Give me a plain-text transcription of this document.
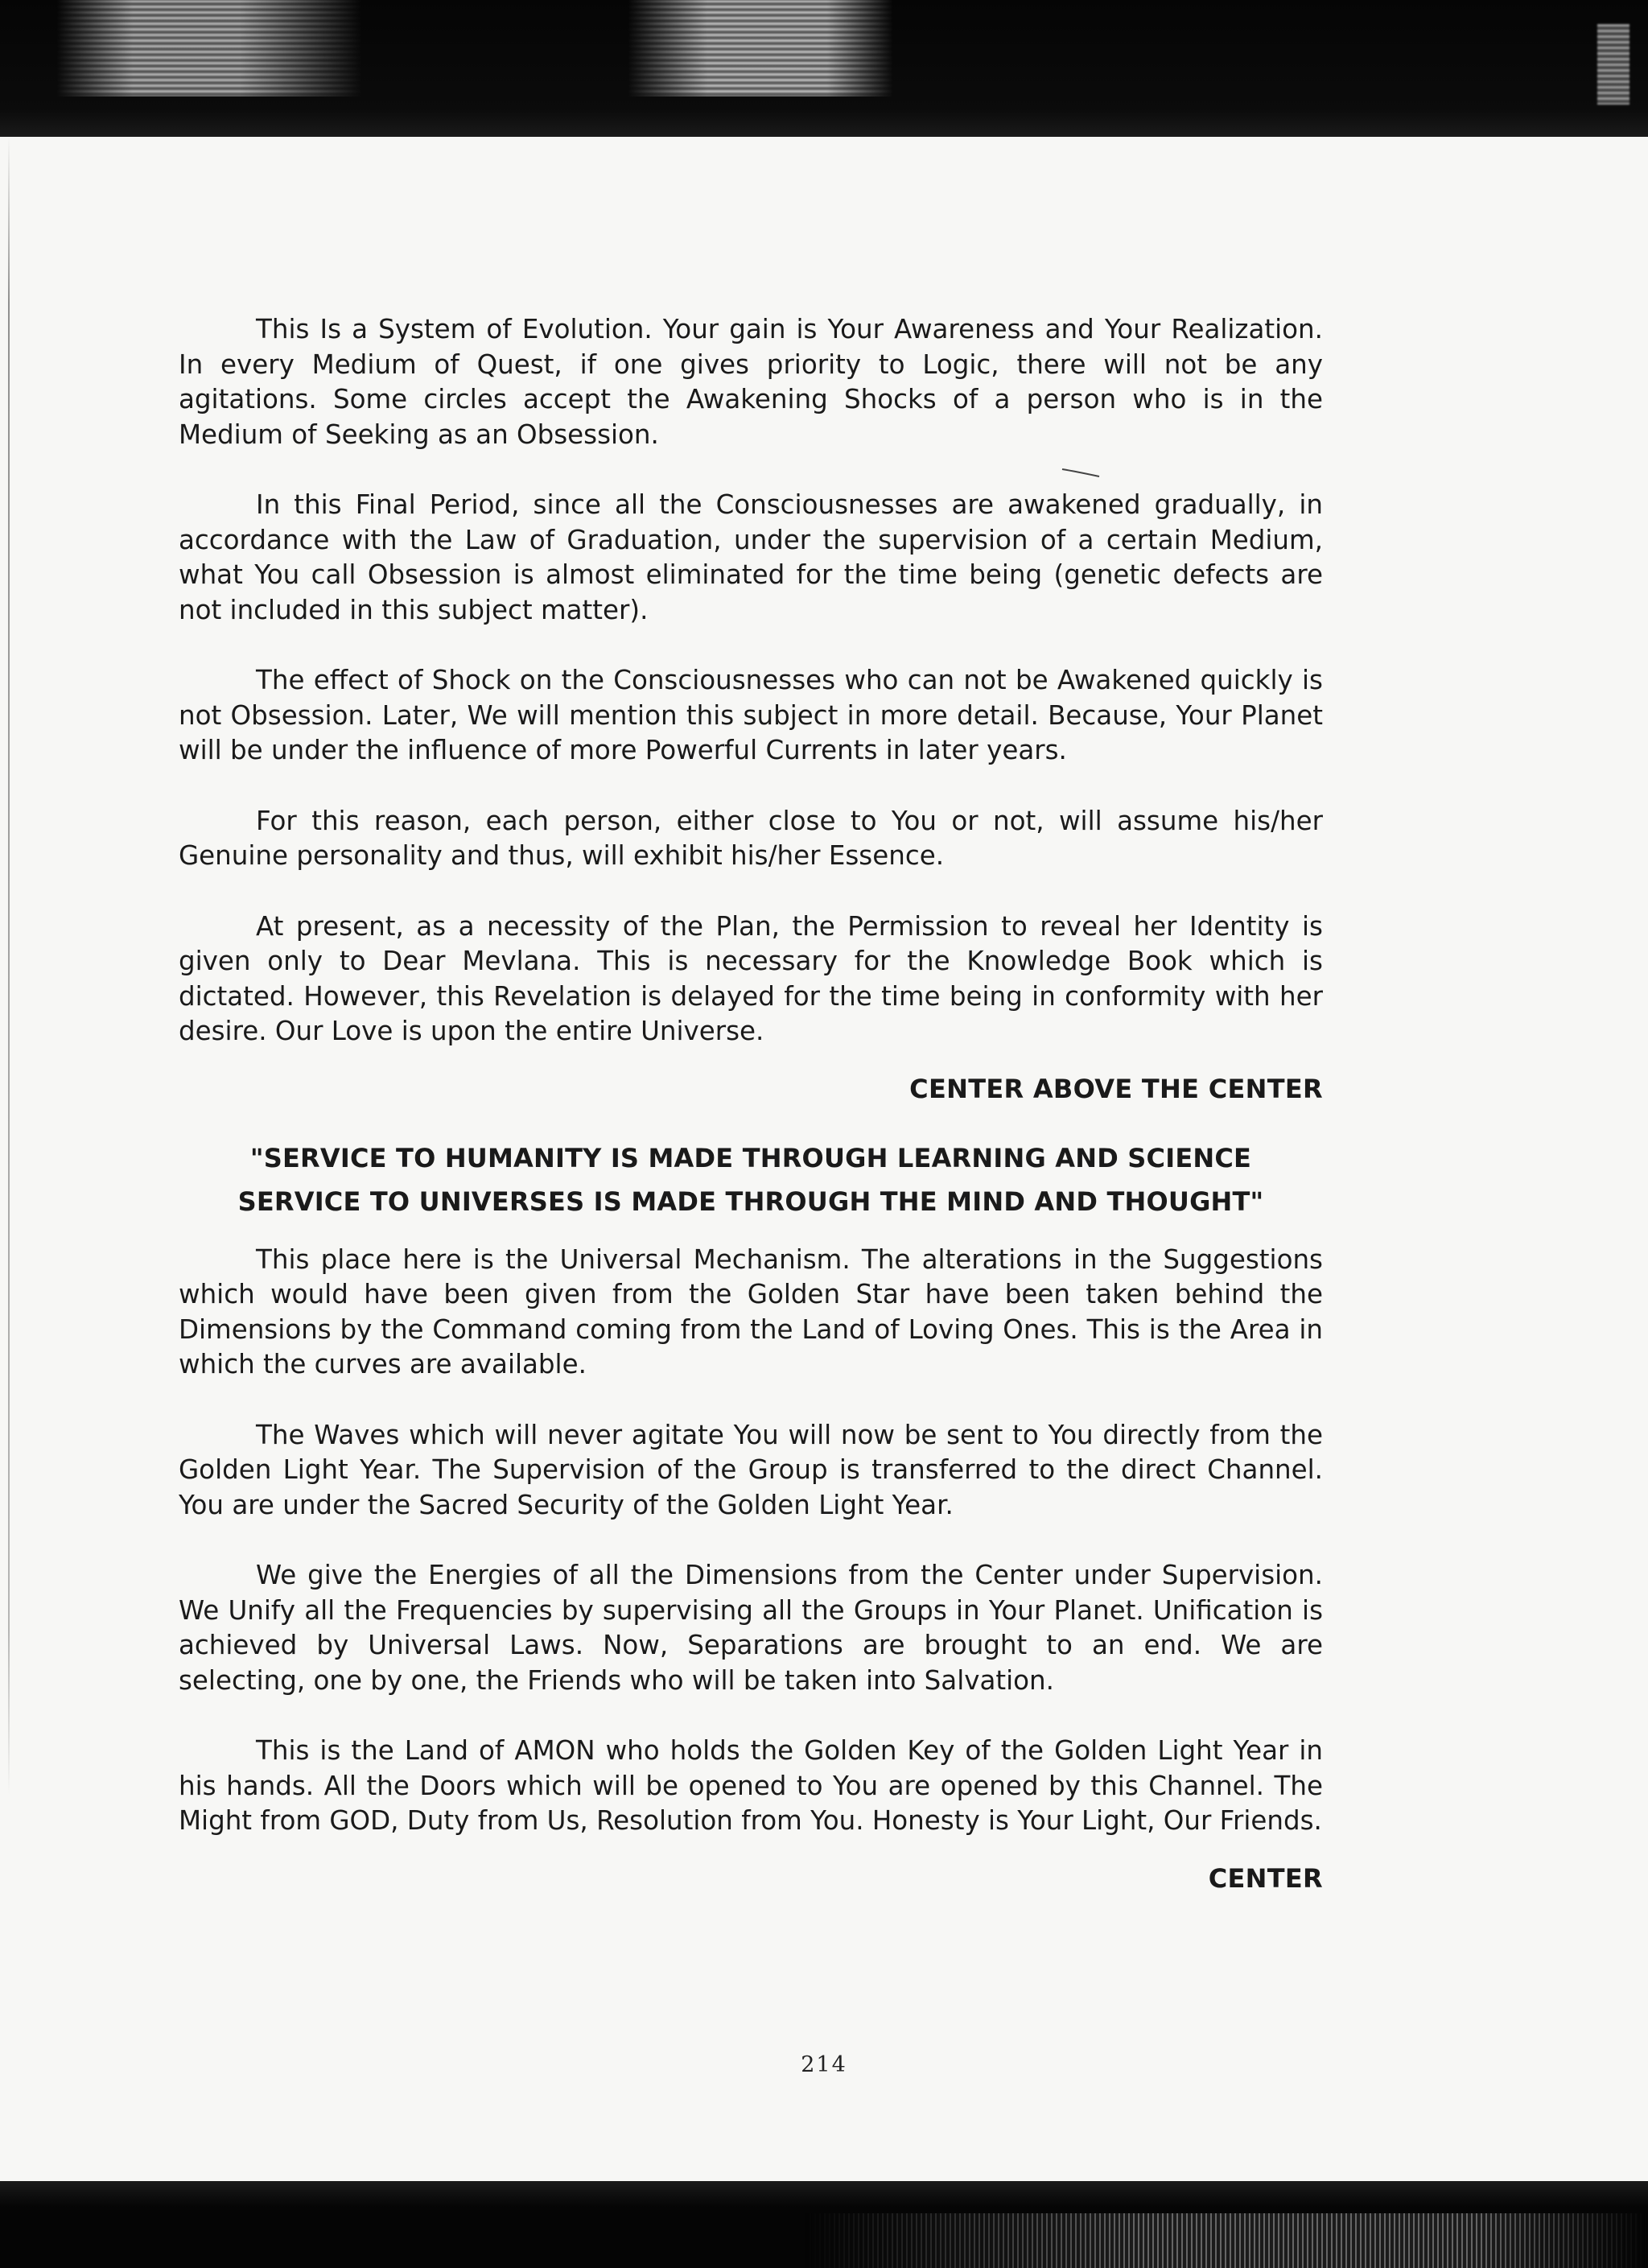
This Is a System of Evolution. Your gain is Your Awareness and Your Realization. In every Medium of Quest, if one gives priority to Logic, there will not be any agitations. Some circles accept the Awakening Shocks of a person who is in the Medium of Seeking as an Obsession.

In this Final Period, since all the Consciousnesses are awakened gradually, in accordance with the Law of Graduation, under the supervision of a certain Medium, what You call Obsession is almost eliminated for the time being (genetic defects are not included in this subject matter).

The effect of Shock on the Consciousnesses who can not be Awakened quickly is not Obsession. Later, We will mention this subject in more detail. Because, Your Planet will be under the influence of more Powerful Currents in later years.

For this reason, each person, either close to You or not, will assume his/her Genuine personality and thus, will exhibit his/her Essence.

At present, as a necessity of the Plan, the Permission to reveal her Identity is given only to Dear Mevlana. This is necessary for the Knowledge Book which is dictated. However, this Revelation is delayed for the time being in conformity with her desire. Our Love is upon the entire Universe.

CENTER ABOVE THE CENTER

"SERVICE TO HUMANITY IS MADE THROUGH LEARNING AND SCIENCE
SERVICE TO UNIVERSES IS MADE THROUGH THE MIND AND THOUGHT"

This place here is the Universal Mechanism. The alterations in the Suggestions which would have been given from the Golden Star have been taken behind the Dimensions by the Command coming from the Land of Loving Ones. This is the Area in which the curves are available.

The Waves which will never agitate You will now be sent to You directly from the Golden Light Year. The Supervision of the Group is transferred to the direct Channel. You are under the Sacred Security of the Golden Light Year.

We give the Energies of all the Dimensions from the Center under Supervision. We Unify all the Frequencies by supervising all the Groups in Your Planet. Unification is achieved by Universal Laws. Now, Separations are brought to an end. We are selecting, one by one, the Friends who will be taken into Salvation.

This is the Land of AMON who holds the Golden Key of the Golden Light Year in his hands. All the Doors which will be opened to You are opened by this Channel. The Might from GOD, Duty from Us, Resolution from You. Honesty is Your Light, Our Friends.

CENTER

214
